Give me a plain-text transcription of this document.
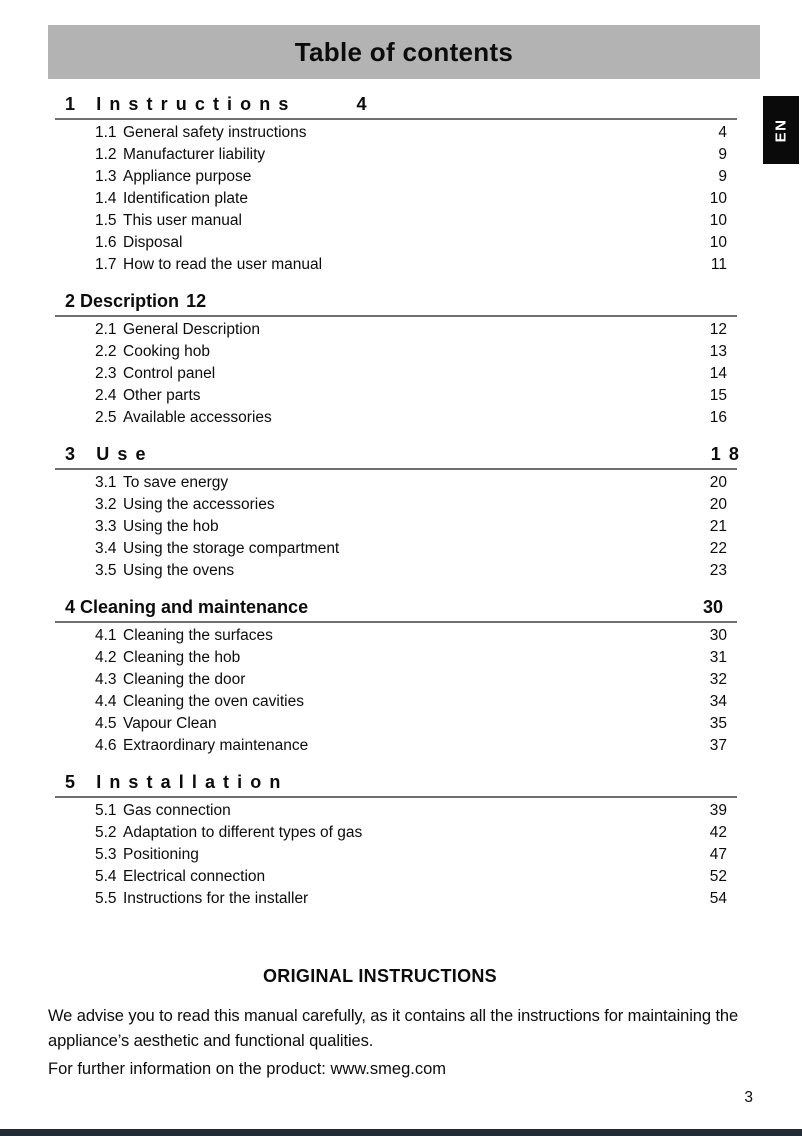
Table of contents
EN
1 Instructions	4
1.1 General safety instructions	4
1.2 Manufacturer liability	9
1.3 Appliance purpose	9
1.4 Identification plate	10
1.5 This user manual	10
1.6 Disposal	10
1.7 How to read the user manual	11
2 Description 12
2.1 General Description	12
2.2 Cooking hob	13
2.3 Control panel	14
2.4 Other parts	15
2.5 Available accessories	16
3 Use	18
3.1 To save energy	20
3.2 Using the accessories	20
3.3 Using the hob	21
3.4 Using the storage compartment	22
3.5 Using the ovens	23
4 Cleaning and maintenance	30
4.1 Cleaning the surfaces	30
4.2 Cleaning the hob	31
4.3 Cleaning the door	32
4.4 Cleaning the oven cavities	34
4.5 Vapour Clean	35
4.6 Extraordinary maintenance	37
5 Installation
5.1 Gas connection	39
5.2 Adaptation to different types of gas	42
5.3 Positioning	47
5.4 Electrical connection	52
5.5 Instructions for the installer	54
ORIGINAL INSTRUCTIONS
We advise you to read this manual carefully, as it contains all the instructions for maintaining the appliance’s aesthetic and functional qualities.
For further information on the product: www.smeg.com
3
